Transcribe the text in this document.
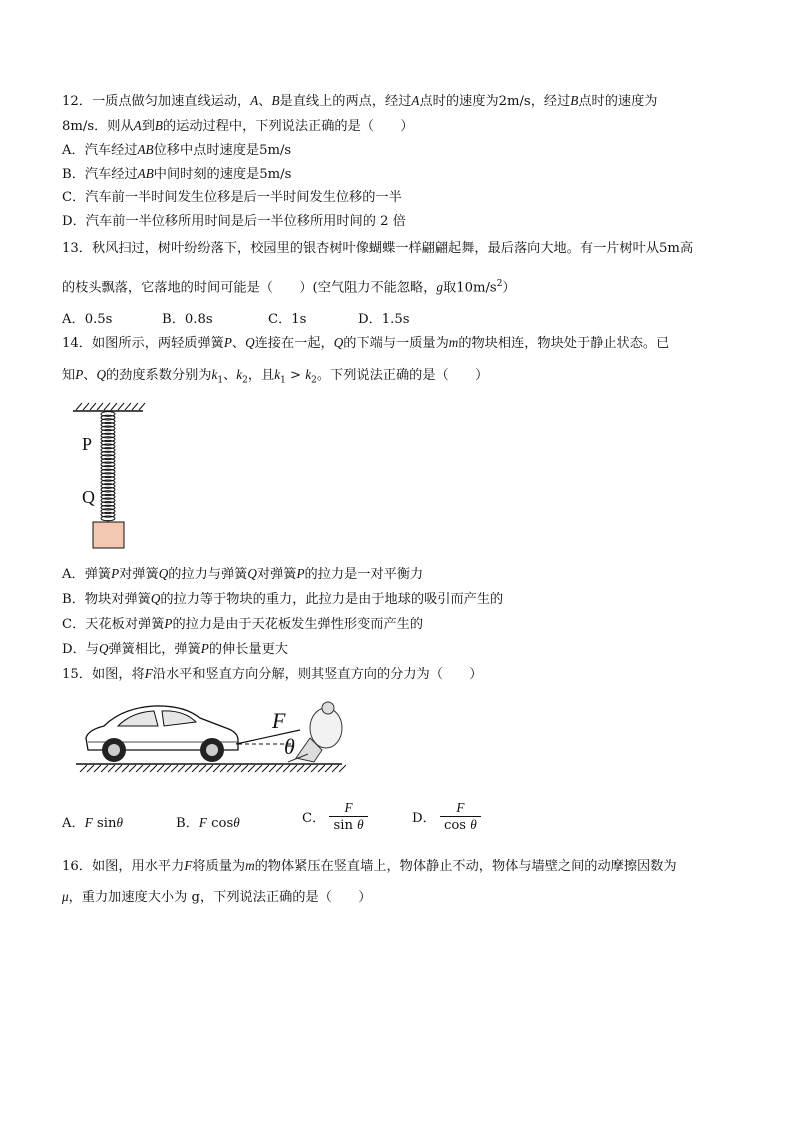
12．一质点做匀加速直线运动，A、B是直线上的两点，经过A点时的速度为2m/s，经过B点时的速度为
8m/s．则从A到B的运动过程中，下列说法正确的是（　　）
A．汽车经过AB位移中点时速度是5m/s
B．汽车经过AB中间时刻的速度是5m/s
C．汽车前一半时间发生位移是后一半时间发生位移的一半
D．汽车前一半位移所用时间是后一半位移所用时间的 2 倍
13．秋风扫过，树叶纷纷落下，校园里的银杏树叶像蝴蝶一样翩翩起舞，最后落向大地。有一片树叶从5m高
的枝头飘落，它落地的时间可能是（　　）(空气阻力不能忽略，g取$10m/s^2$）
A．0.5s	B．0.8s	C．1s	D．1.5s
14．如图所示，两轻质弹簧P、Q连接在一起，Q的下端与一质量为m的物块相连，物块处于静止状态。已
知P、Q的劲度系数分别为$k_1$、$k_2$，且$k_1 > k_2$。下列说法正确的是（　　）
P
Q
A．弹簧P对弹簧Q的拉力与弹簧Q对弹簧P的拉力是一对平衡力
B．物块对弹簧Q的拉力等于物块的重力，此拉力是由于地球的吸引而产生的
C．天花板对弹簧P的拉力是由于天花板发生弹性形变而产生的
D．与Q弹簧相比，弹簧P的伸长量更大
15．如图，将F沿水平和竖直方向分解，则其竖直方向的分力为（　　）
F
θ
A．F sinθ	B．F cosθ	C． $\frac{F}{\text{sin θ}}$	D． $\frac{F}{\text{cos θ}}$
16．如图，用水平力F将质量为m的物体紧压在竖直墙上，物体静止不动，物体与墙壁之间的动摩擦因数为
μ，重力加速度大小为 g，下列说法正确的是（　　）
